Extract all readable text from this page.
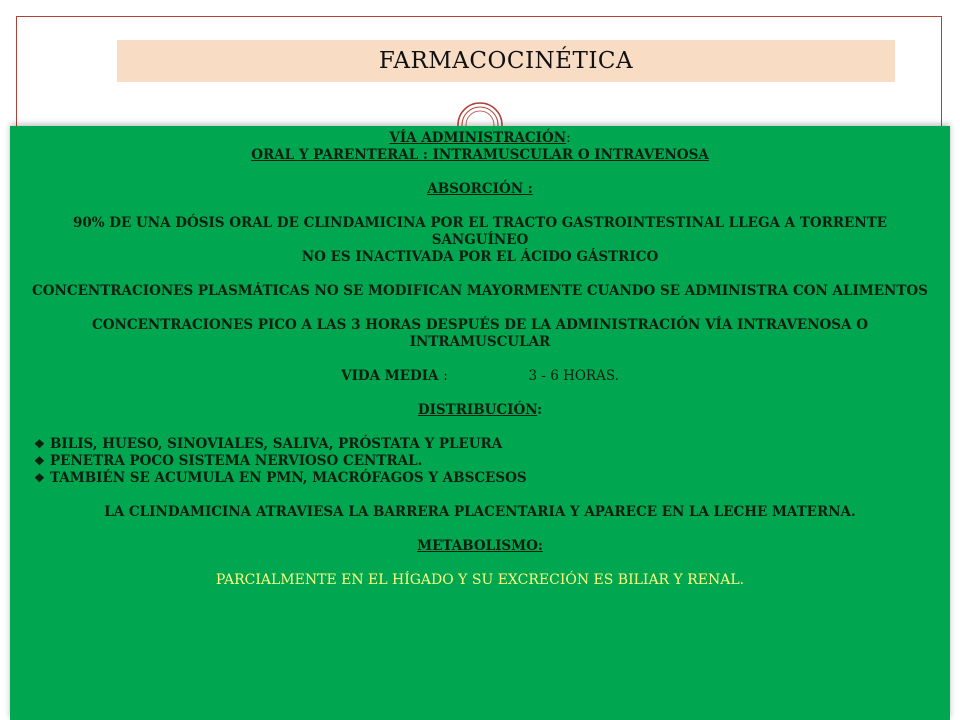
FARMACOCINÉTICA
VÍA ADMINISTRACIÓN:
ORAL Y PARENTERAL : INTRAMUSCULAR O INTRAVENOSA
ABSORCIÓN :
90% DE UNA DÓSIS ORAL DE CLINDAMICINA POR EL TRACTO GASTROINTESTINAL LLEGA A TORRENTE SANGUÍNEO
NO ES INACTIVADA POR EL ÁCIDO GÁSTRICO
CONCENTRACIONES PLASMÁTICAS NO SE MODIFICAN MAYORMENTE CUANDO SE ADMINISTRA CON ALIMENTOS
CONCENTRACIONES PICO A LAS 3 HORAS DESPUÉS DE LA ADMINISTRACIÓN VÍA INTRAVENOSA O INTRAMUSCULAR
VIDA MEDIA :	3 - 6 HORAS.
DISTRIBUCIÓN:
❖ BILIS, HUESO, SINOVIALES, SALIVA, PRÓSTATA Y PLEURA
❖ PENETRA POCO SISTEMA NERVIOSO CENTRAL.
❖ TAMBIÉN SE ACUMULA EN PMN, MACRÓFAGOS Y ABSCESOS
LA CLINDAMICINA ATRAVIESA LA BARRERA PLACENTARIA Y APARECE EN LA LECHE MATERNA.
METABOLISMO:
PARCIALMENTE EN EL HÍGADO Y SU EXCRECIÓN ES BILIAR Y RENAL.
